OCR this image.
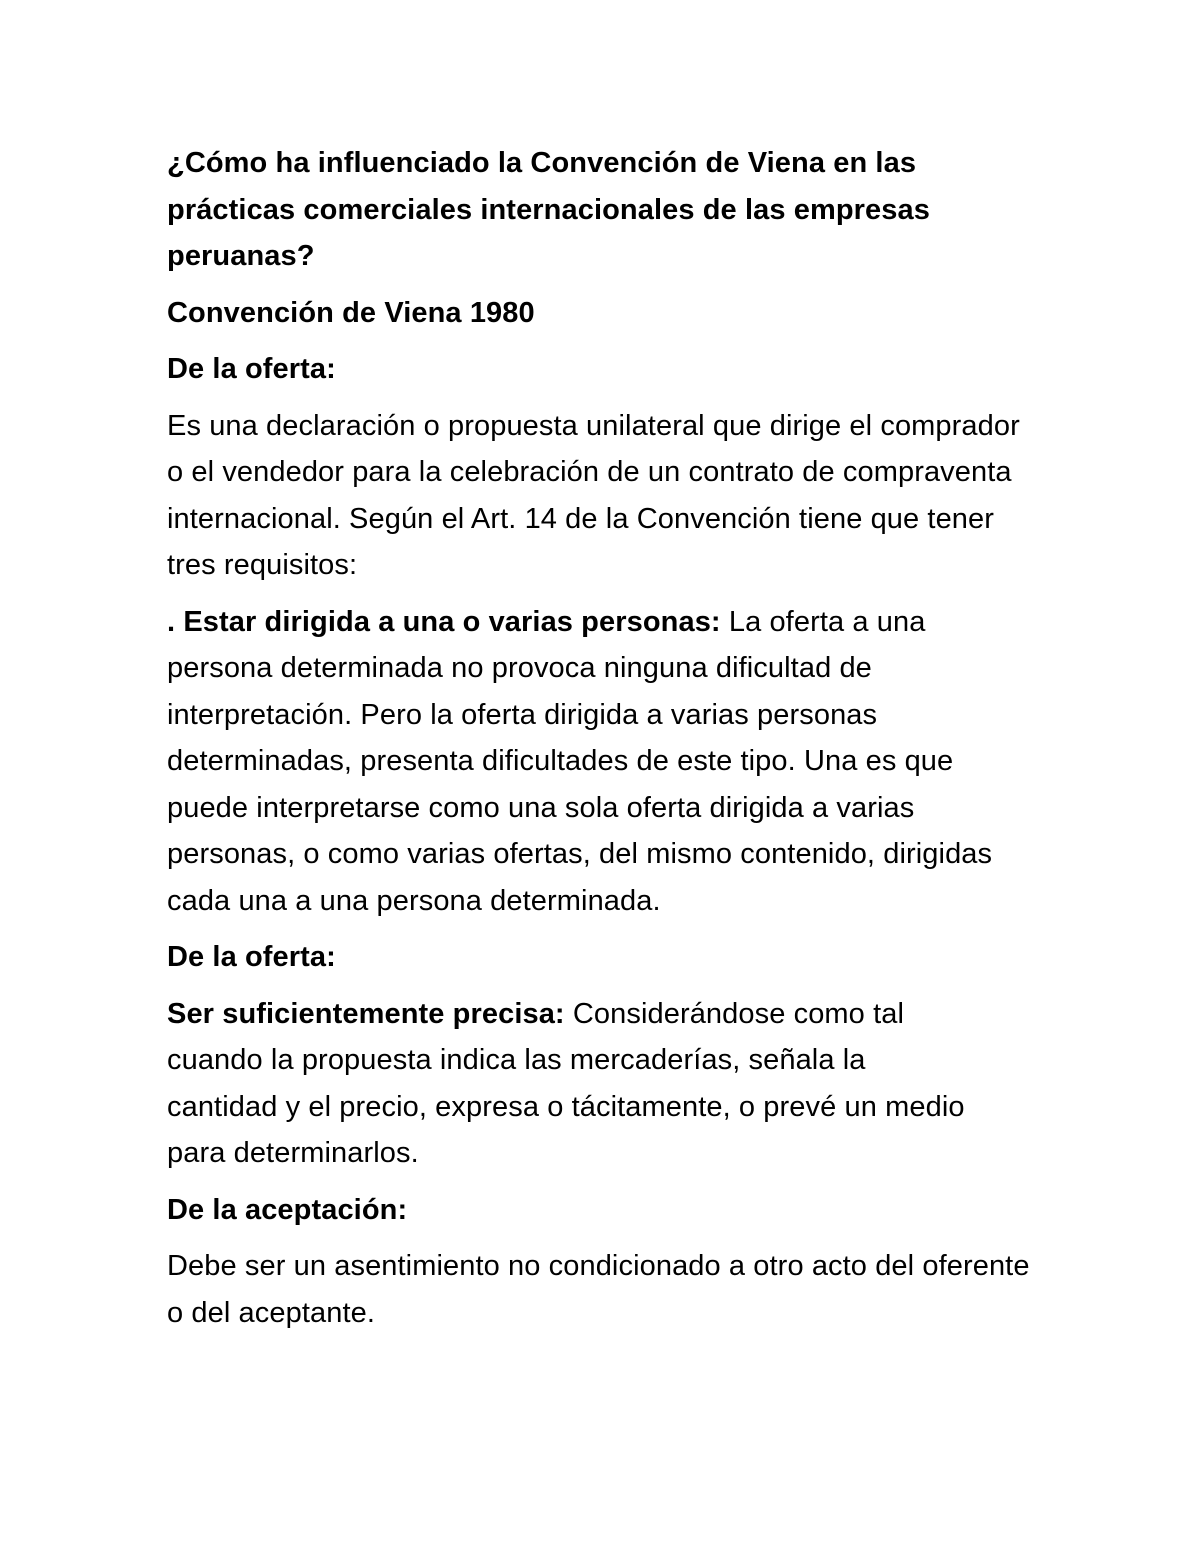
¿Cómo ha influenciado la Convención de Viena en las prácticas comerciales internacionales de las empresas peruanas?

Convención de Viena 1980

De la oferta:

Es una declaración o propuesta unilateral que dirige el comprador o el vendedor para la celebración de un contrato de compraventa internacional. Según el Art. 14 de la Convención tiene que tener tres requisitos:

. Estar dirigida a una o varias personas: La oferta a una persona determinada no provoca ninguna dificultad de interpretación. Pero la oferta dirigida a varias personas determinadas, presenta dificultades de este tipo. Una es que puede interpretarse como una sola oferta dirigida a varias personas, o como varias ofertas, del mismo contenido, dirigidas cada una a una persona determinada.

De la oferta:

Ser suficientemente precisa: Considerándose como tal cuando la propuesta indica las mercaderías, señala la cantidad y el precio, expresa o tácitamente, o prevé un medio para determinarlos.

De la aceptación:

Debe ser un asentimiento no condicionado a otro acto del oferente o del aceptante.
